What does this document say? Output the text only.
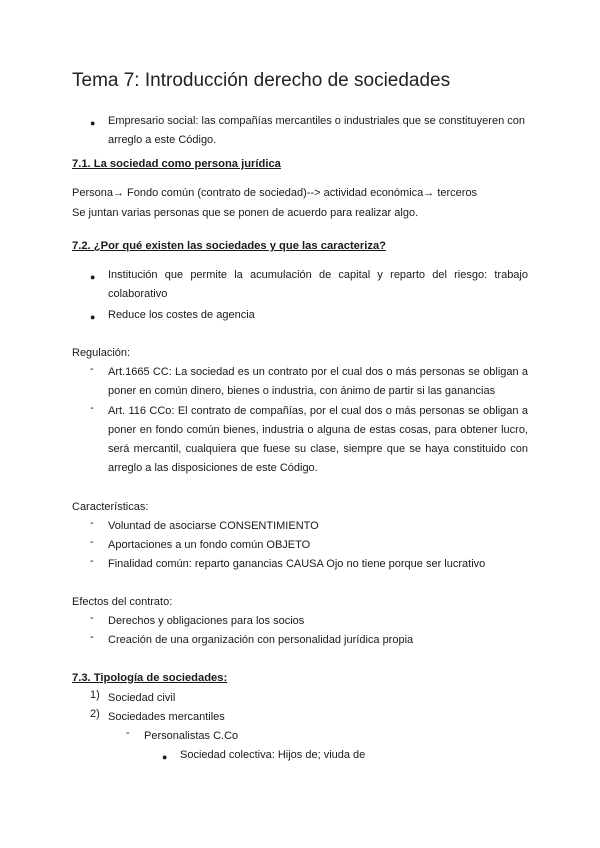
Tema 7: Introducción derecho de sociedades
● Empresario social: las compañías mercantiles o industriales que se constituyeren con arreglo a este Código.

7.1. La sociedad como persona jurídica

Persona→ Fondo común (contrato de sociedad)--> actividad económica→ terceros

Se juntan varias personas que se ponen de acuerdo para realizar algo.

7.2. ¿Por qué existen las sociedades y que las caracteriza?
● Institución que permite la acumulación de capital y reparto del riesgo: trabajo colaborativo

● Reduce los costes de agencia

Regulación:

- Art.1665 CC: La sociedad es un contrato por el cual dos o más personas se obligan a poner en común dinero, bienes o industria, con ánimo de partir si las ganancias

- Art. 116 CCo: El contrato de compañías, por el cual dos o más personas se obligan a poner en fondo común bienes, industria o alguna de estas cosas, para obtener lucro, será mercantil, cualquiera que fuese su clase, siempre que se haya constituido con arreglo a las disposiciones de este Código.

Características:

- Voluntad de asociarse CONSENTIMIENTO

- Aportaciones a un fondo común OBJETO

- Finalidad común: reparto ganancias CAUSA Ojo no tiene porque ser lucrativo

Efectos del contrato:

- Derechos y obligaciones para los socios

- Creación de una organización con personalidad jurídica propia

7.3. Tipología de sociedades:
1) Sociedad civil

2) Sociedades mercantiles

- Personalistas C.Co

● Sociedad colectiva: Hijos de; viuda de
